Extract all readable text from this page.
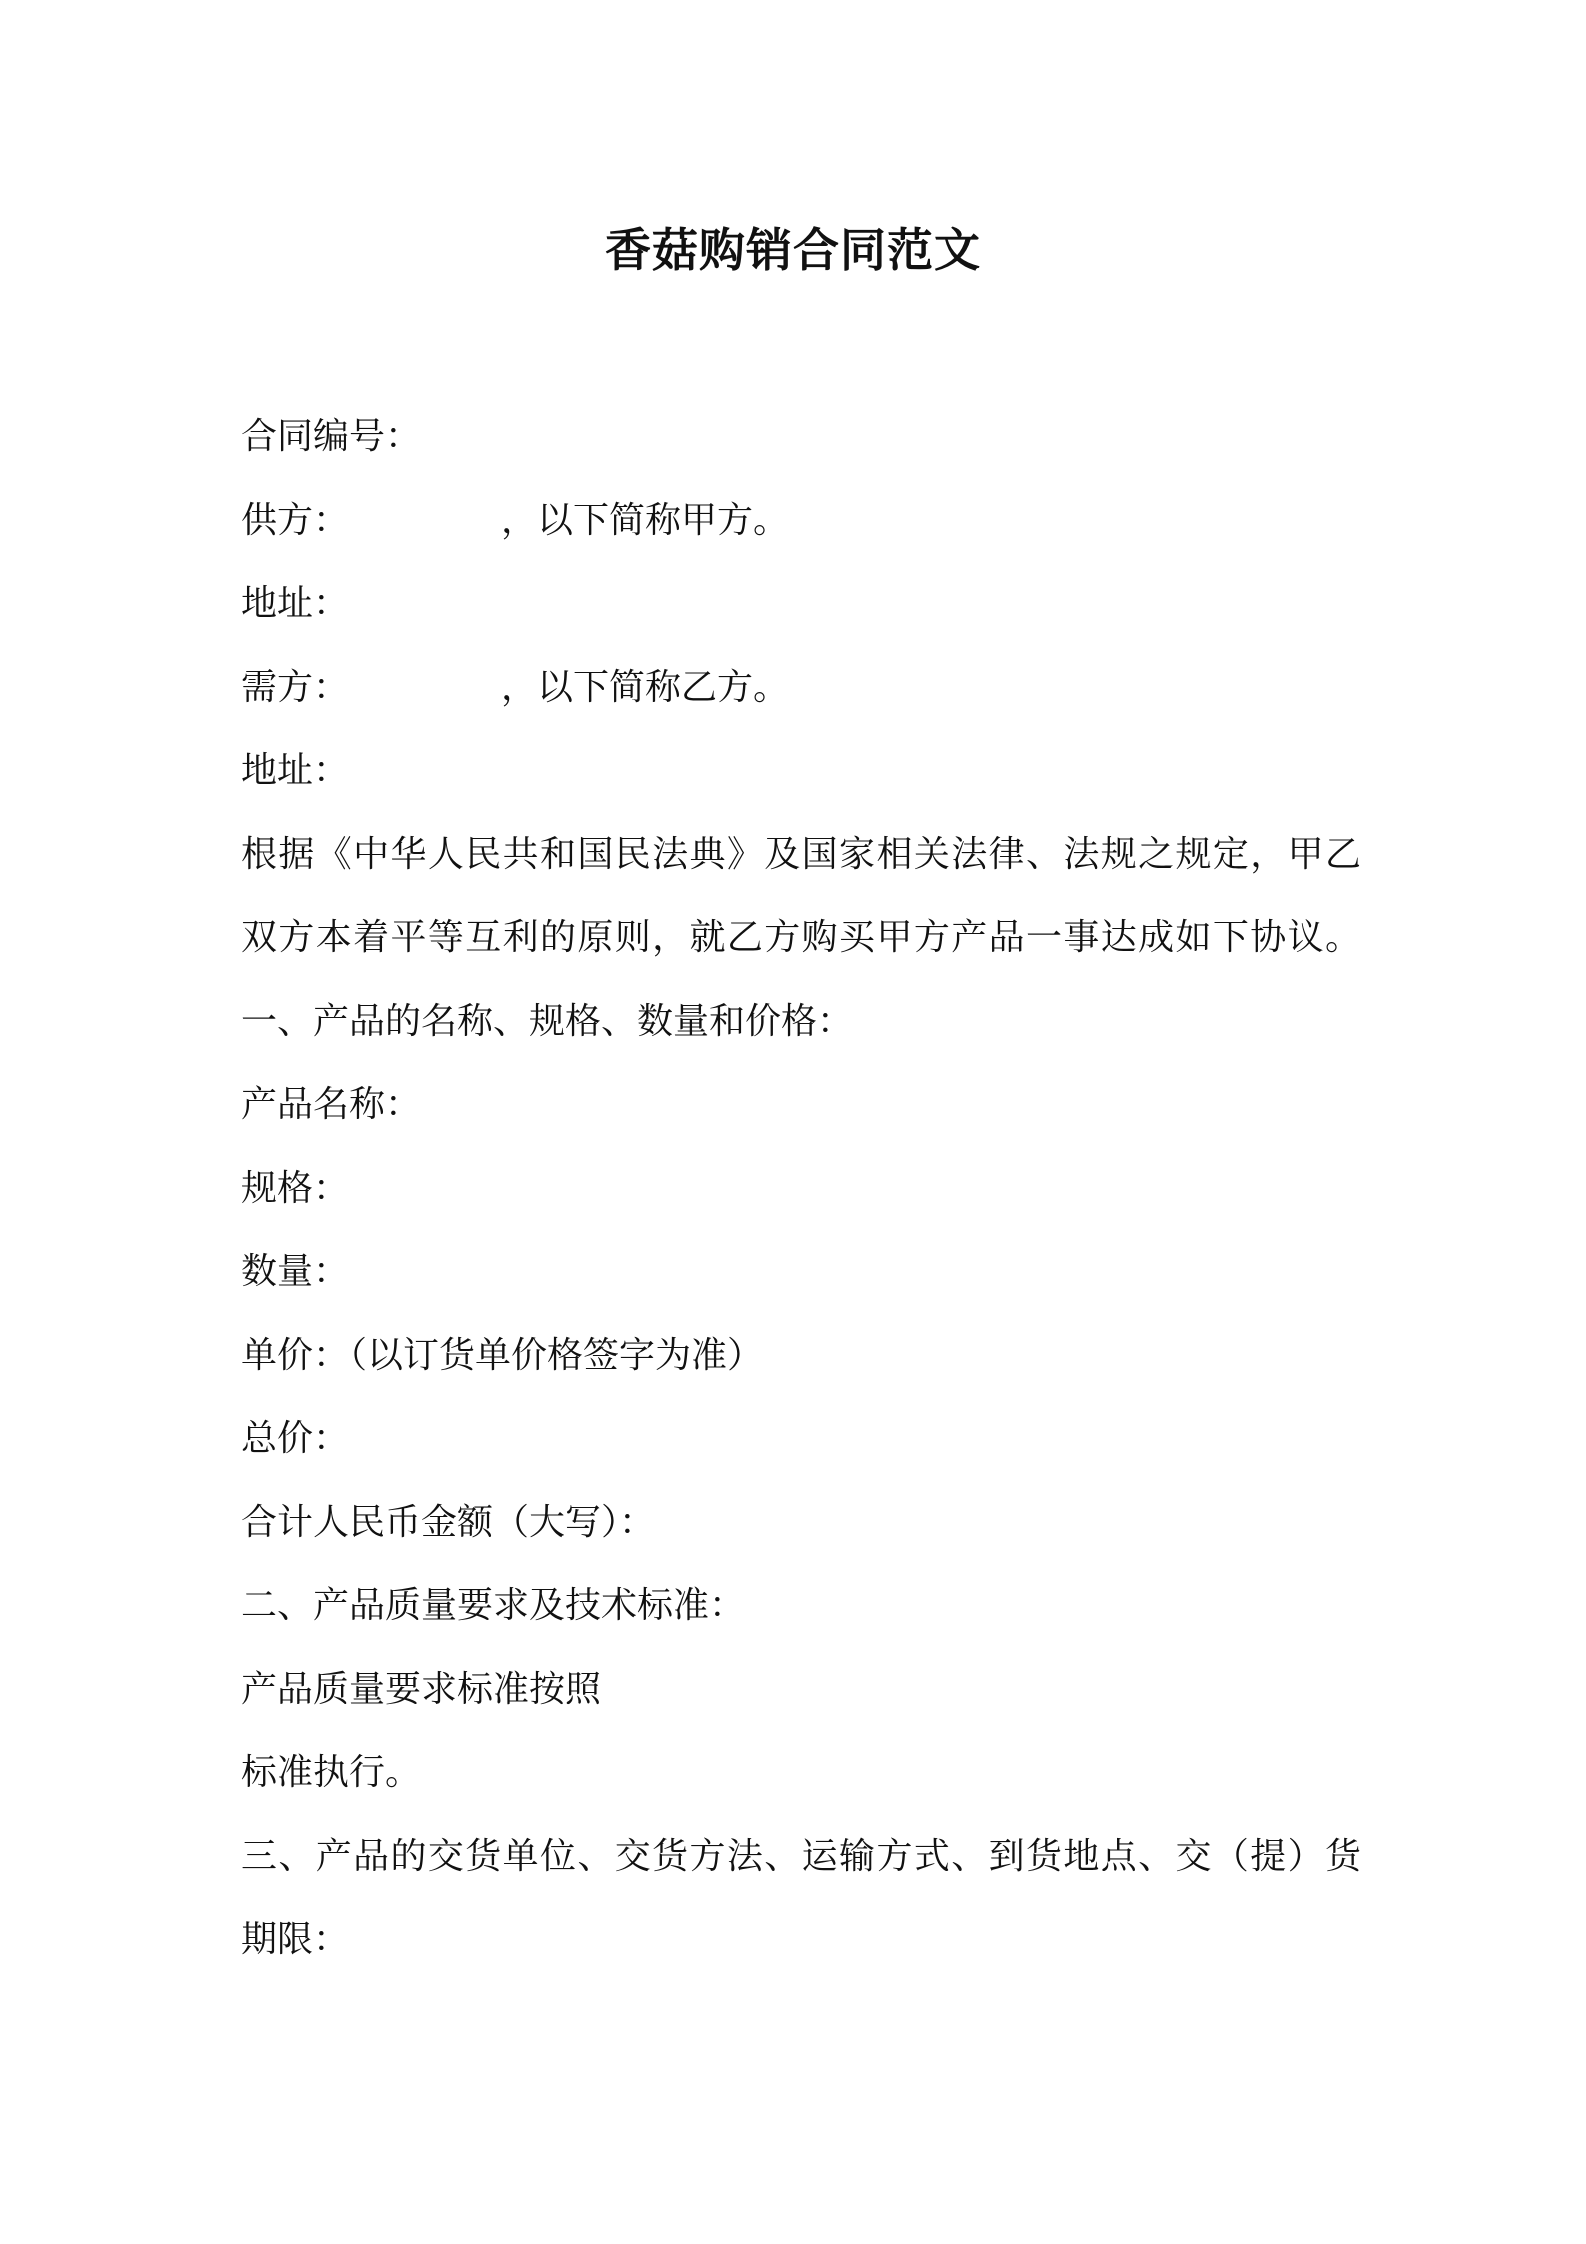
香菇购销合同范文
合同编号：
供方：	，以下简称甲方。
地址：
需方：	，以下简称乙方。
地址：
根据《中华人民共和国民法典》及国家相关法律、法规之规定，甲乙
双方本着平等互利的原则，就乙方购买甲方产品一事达成如下协议。
一、产品的名称、规格、数量和价格：
产品名称：
规格：
数量：
单价：（以订货单价格签字为准）
总价：
合计人民币金额（大写）：
二、产品质量要求及技术标准：
产品质量要求标准按照
标准执行。
三、产品的交货单位、交货方法、运输方式、到货地点、交（提）货
期限：
